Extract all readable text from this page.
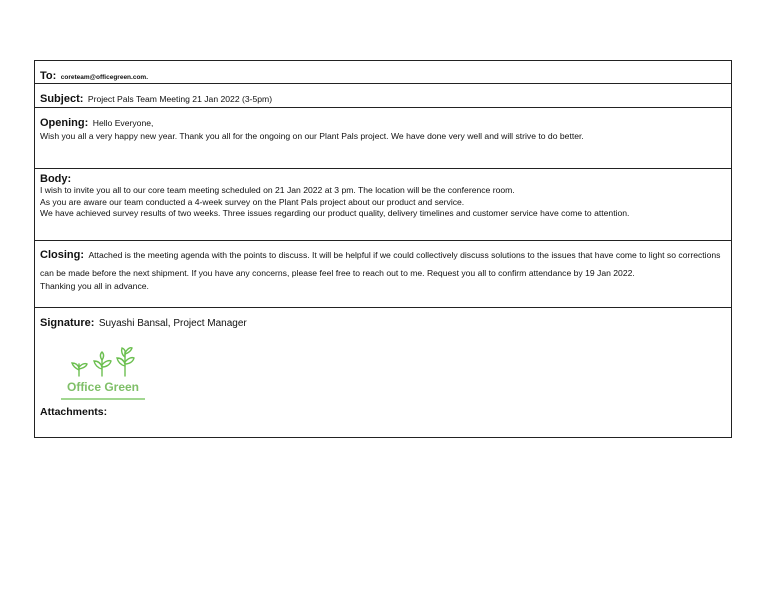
To: coreteam@officegreen.com.
Subject: Project Pals Team Meeting 21 Jan 2022 (3-5pm)

Opening: Hello Everyone,

Wish you all a very happy new year. Thank you all for the ongoing on our Plant Pals project. We have done very well and will strive to do better.

Body:

I wish to invite you all to our core team meeting scheduled on 21 Jan 2022 at 3 pm. The location will be the conference room.

As you are aware our team conducted a 4-week survey on the Plant Pals project about our product and service.

We have achieved survey results of two weeks. Three issues regarding our product quality, delivery timelines and customer service have come to attention.

Closing: Attached is the meeting agenda with the points to discuss. It will be helpful if we could collectively discuss solutions to the issues that have come to light so corrections can be made before the next shipment. If you have any concerns, please feel free to reach out to me. Request you all to confirm attendance by 19 Jan 2022.

Thanking you all in advance.

Signature: Suyashi Bansal, Project Manager

Office Green

Attachments:
